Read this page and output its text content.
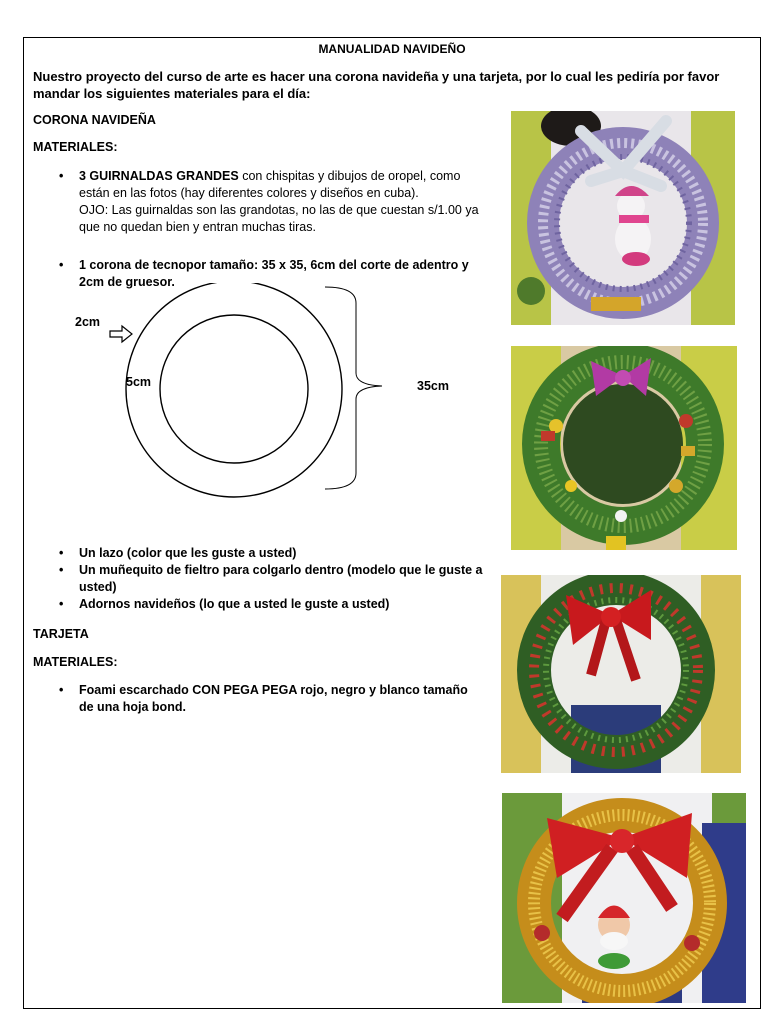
MANUALIDAD NAVIDEÑO
Nuestro proyecto del curso de arte es hacer una corona navideña y una tarjeta, por lo cual les pediría por favor mandar los siguientes materiales para el día:
CORONA NAVIDEÑA
MATERIALES:
• 3 GUIRNALDAS GRANDES con chispitas y dibujos de oropel, como están en las fotos (hay diferentes colores y diseños en cuba).
OJO: Las guirnaldas son las grandotas, no las de que cuestan s/1.00 ya que no quedan bien y entran muchas tiras.
• 1 corona de tecnopor tamaño: 35 x 35, 6cm del corte de adentro y 2cm de gruesor.
2cm
5cm	35cm
• Un lazo (color que les guste a usted)
• Un muñequito de fieltro para colgarlo dentro (modelo que le guste a usted)
• Adornos navideños (lo que a usted le guste a usted)
TARJETA
MATERIALES:
• Foami escarchado CON PEGA PEGA rojo, negro y blanco tamaño de una hoja bond.
